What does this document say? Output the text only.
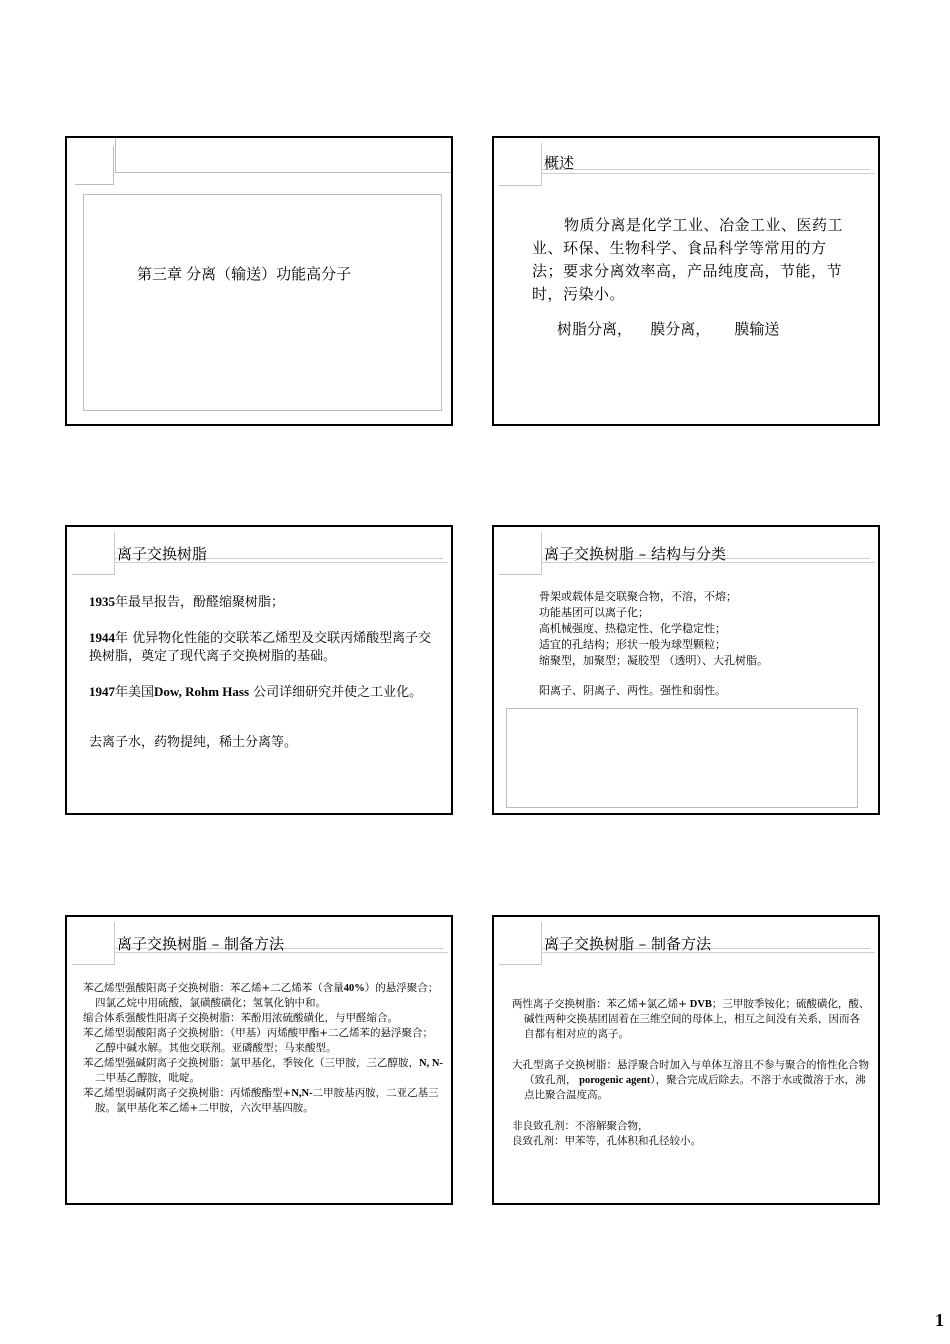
第三章 分离（输送）功能高分子
概述
物质分离是化学工业、冶金工业、医药工业、环保、生物科学、食品科学等常用的方法；要求分离效率高，产品纯度高，节能，节时，污染小。
树脂分离， 膜分离， 膜输送
离子交换树脂

1935年最早报告，酚醛缩聚树脂；

1944年 优异物化性能的交联苯乙烯型及交联丙烯酸型离子交换树脂，奠定了现代离子交换树脂的基础。

1947年美国Dow, Rohm Hass 公司详细研究并使之工业化。

去离子水，药物提纯，稀土分离等。

离子交换树脂 – 结构与分类

骨架或载体是交联聚合物，不溶，不熔；

功能基团可以离子化；

高机械强度、热稳定性、化学稳定性；

适宜的孔结构；形状一般为球型颗粒；

缩聚型，加聚型；凝胶型 （透明）、大孔树脂。

阳离子、阴离子、两性。强性和弱性。

离子交换树脂 – 制备方法

苯乙烯型强酸阳离子交换树脂：苯乙烯+二乙烯苯（含量40%）的悬浮聚合；四氯乙烷中用硫酸，氯磺酸磺化；氢氧化钠中和。

缩合体系强酸性阳离子交换树脂：苯酚用浓硫酸磺化，与甲醛缩合。

苯乙烯型弱酸阳离子交换树脂：（甲基）丙烯酸甲酯+二乙烯苯的悬浮聚合；乙醇中碱水解。其他交联剂。亚磷酸型；马来酸型。

苯乙烯型强碱阴离子交换树脂：氯甲基化，季铵化（三甲胺，三乙醇胺，N, N-二甲基乙醇胺，吡啶。

苯乙烯型弱碱阴离子交换树脂：丙烯酸酯型+N,N-二甲胺基丙胺，二亚乙基三胺。氯甲基化苯乙烯+二甲胺，六次甲基四胺。

离子交换树脂 – 制备方法

两性离子交换树脂：苯乙烯+氯乙烯+ DVB；三甲胺季铵化；硫酸磺化，酸、碱性两种交换基团固着在三维空间的母体上，相互之间没有关系，因而各自都有相对应的离子。

大孔型离子交换树脂：悬浮聚合时加入与单体互溶且不参与聚合的惰性化合物（致孔剂， porogenic agent），聚合完成后除去。不溶于水或微溶于水，沸点比聚合温度高。

非良致孔剂：不溶解聚合物，

良致孔剂：甲苯等，孔体积和孔径较小。

1
